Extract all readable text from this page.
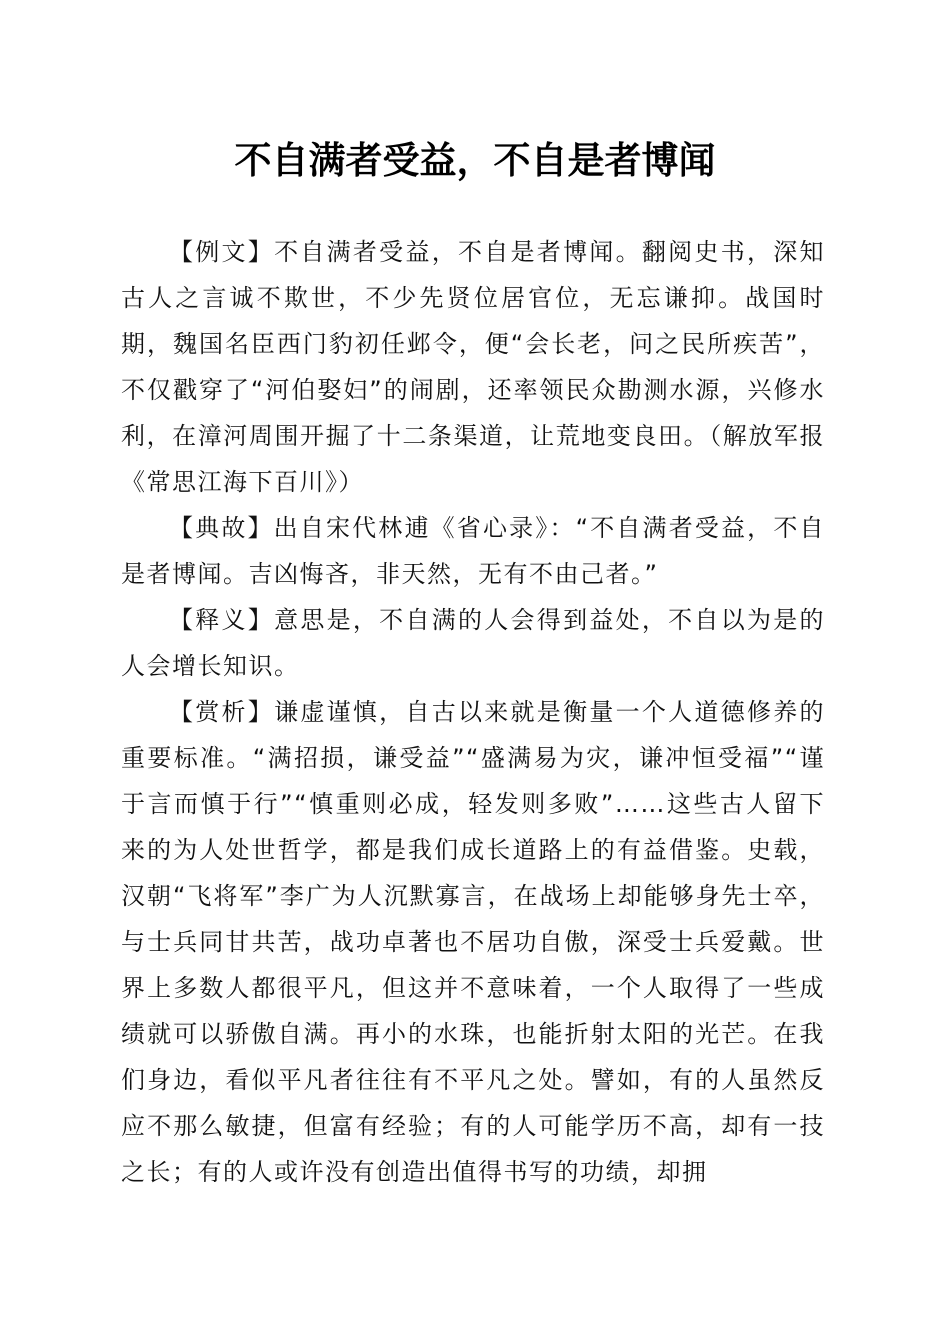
不自满者受益，不自是者博闻

【例文】不自满者受益，不自是者博闻。翻阅史书，深知古人之言诚不欺世，不少先贤位居官位，无忘谦抑。战国时期，魏国名臣西门豹初任邺令，便“会长老，问之民所疾苦”，不仅戳穿了“河伯娶妇”的闹剧，还率领民众勘测水源，兴修水利，在漳河周围开掘了十二条渠道，让荒地变良田。（解放军报《常思江海下百川》）

【典故】出自宋代林逋《省心录》：“不自满者受益，不自是者博闻。吉凶悔吝，非天然，无有不由己者。”

【释义】意思是，不自满的人会得到益处，不自以为是的人会增长知识。

【赏析】谦虚谨慎，自古以来就是衡量一个人道德修养的重要标准。“满招损，谦受益”“盛满易为灾，谦冲恒受福”“谨于言而慎于行”“慎重则必成，轻发则多败”……这些古人留下来的为人处世哲学，都是我们成长道路上的有益借鉴。史载，汉朝“飞将军”李广为人沉默寡言，在战场上却能够身先士卒，与士兵同甘共苦，战功卓著也不居功自傲，深受士兵爱戴。世界上多数人都很平凡，但这并不意味着，一个人取得了一些成绩就可以骄傲自满。再小的水珠，也能折射太阳的光芒。在我们身边，看似平凡者往往有不平凡之处。譬如，有的人虽然反应不那么敏捷，但富有经验；有的人可能学历不高，却有一技之长；有的人或许没有创造出值得书写的功绩，却拥
